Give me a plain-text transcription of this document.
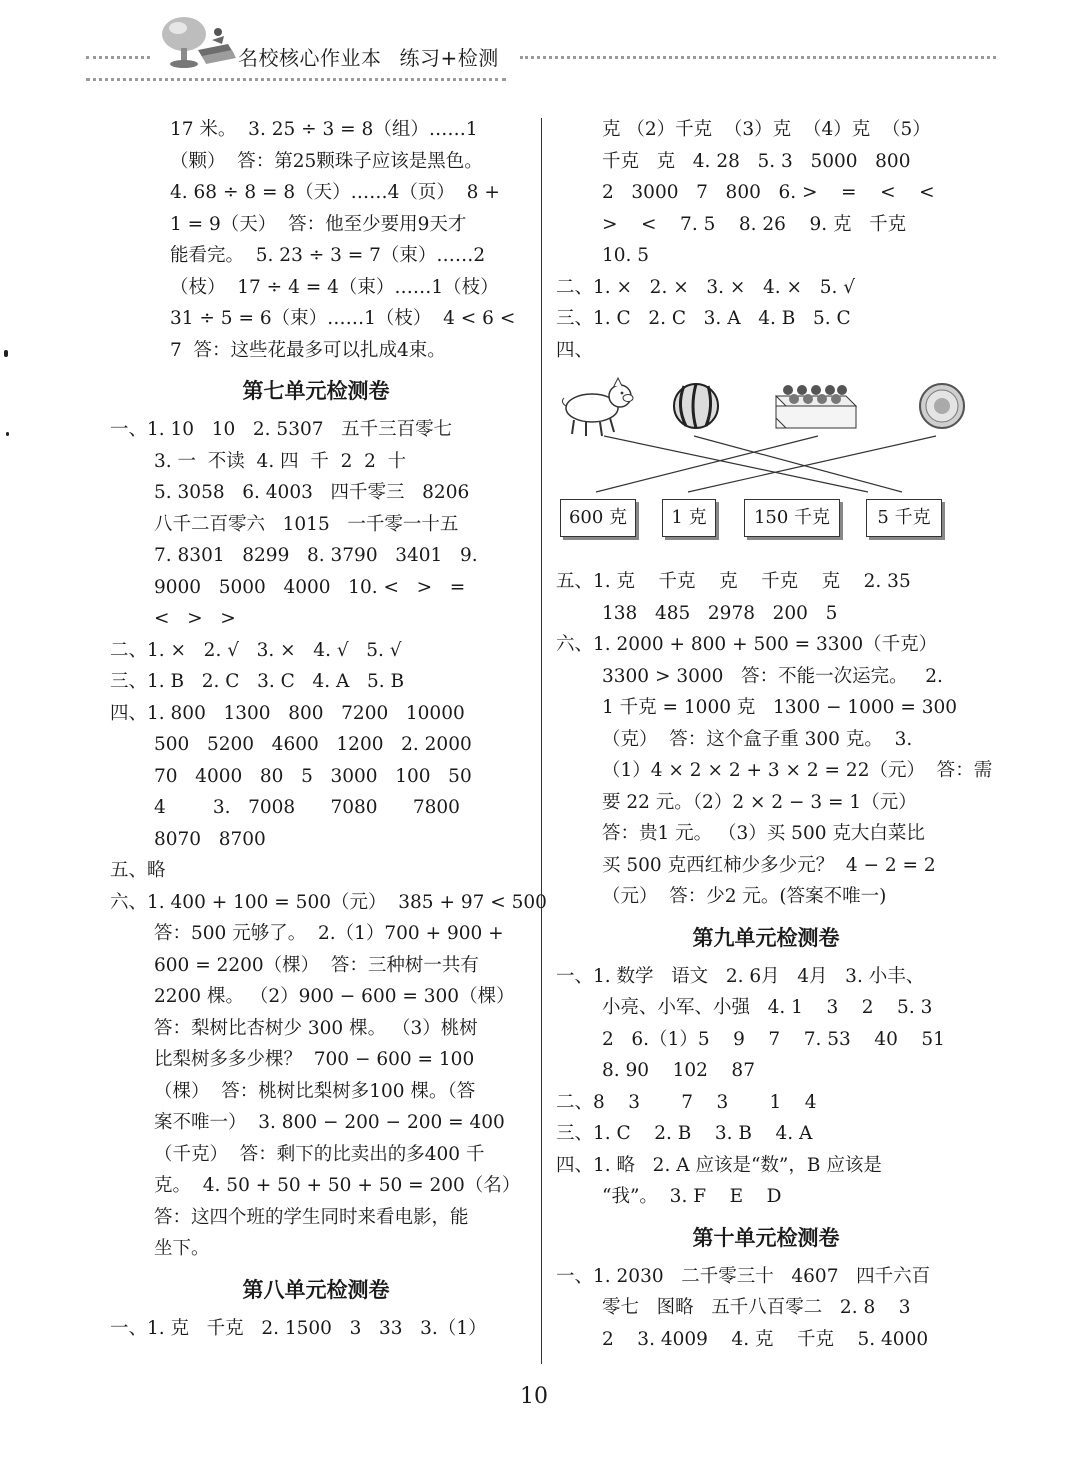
名校核心作业本 练习+检测
17 米。  3. 25 ÷ 3 = 8（组）……1
（颗）  答：第25颗珠子应该是黑色。
4. 68 ÷ 8 = 8（天）……4（页）  8 +
1 = 9（天）  答：他至少要用9天才
能看完。  5. 23 ÷ 3 = 7（束）……2
（枝）  17 ÷ 4 = 4（束）……1（枝）
31 ÷ 5 = 6（束）……1（枝）  4 < 6 <
7  答：这些花最多可以扎成4束。
第七单元检测卷
一、1. 10   10   2. 5307   五千三百零七
3. 一  不读  4. 四  千  2  2  十
5. 3058   6. 4003   四千零三   8206
八千二百零六   1015   一千零一十五
7. 8301   8299   8. 3790   3401   9.
9000   5000   4000   10. <   >   =
<   >   >
二、1. ×   2. √   3. ×   4. √   5. √
三、1. B   2. C   3. C   4. A   5. B
四、1. 800   1300   800   7200   10000
500   5200   4600   1200   2. 2000
70   4000   80   5   3000   100   50
4        3.   7008      7080      7800
8070   8700
五、略
六、1. 400 + 100 = 500（元）  385 + 97 < 500
答：500 元够了。  2.（1）700 + 900 +
600 = 2200（棵）  答：三种树一共有
2200 棵。 （2）900 − 600 = 300（棵）
答：梨树比杏树少 300 棵。 （3）桃树
比梨树多多少棵？  700 − 600 = 100
（棵）  答：桃树比梨树多100 棵。（答
案不唯一）  3. 800 − 200 − 200 = 400
（千克）  答：剩下的比卖出的多400 千
克。  4. 50 + 50 + 50 + 50 = 200（名）
答：这四个班的学生同时来看电影，能
坐下。
第八单元检测卷
一、1. 克   千克   2. 1500   3   33   3.（1）
克 （2）千克  （3）克  （4）克  （5）
千克   克   4. 28   5. 3   5000   800
2   3000   7   800   6. >    =    <    <
>    <    7. 5    8. 26    9. 克   千克
10. 5
二、1. ×   2. ×   3. ×   4. ×   5. √
三、1. C   2. C   3. A   4. B   5. C
四、
600 克	1 克	150 千克	5 千克
五、1. 克    千克    克    千克    克    2. 35
138   485   2978   200   5
六、1. 2000 + 800 + 500 = 3300（千克）
3300 > 3000   答：不能一次运完。   2.
1 千克 = 1000 克   1300 − 1000 = 300
（克）  答：这个盒子重 300 克。  3.
（1）4 × 2 × 2 + 3 × 2 = 22（元）  答：需
要 22 元。（2）2 × 2 − 3 = 1（元）
答：贵1 元。 （3）买 500 克大白菜比
买 500 克西红柿少多少元？  4 − 2 = 2
（元）  答：少2 元。(答案不唯一)
第九单元检测卷
一、1. 数学   语文   2. 6月   4月   3. 小丰、
小亮、小军、小强   4. 1    3    2    5. 3
2   6.（1）5    9    7    7. 53    40    51
8. 90    102    87
二、8    3       7    3       1    4
三、1. C    2. B    3. B    4. A
四、1. 略   2. A 应该是“数”，B 应该是
“我”。  3. F    E    D
第十单元检测卷
一、1. 2030   二千零三十   4607   四千六百
零七   图略   五千八百零二   2. 8    3
2    3. 4009    4. 克    千克    5. 4000
10
